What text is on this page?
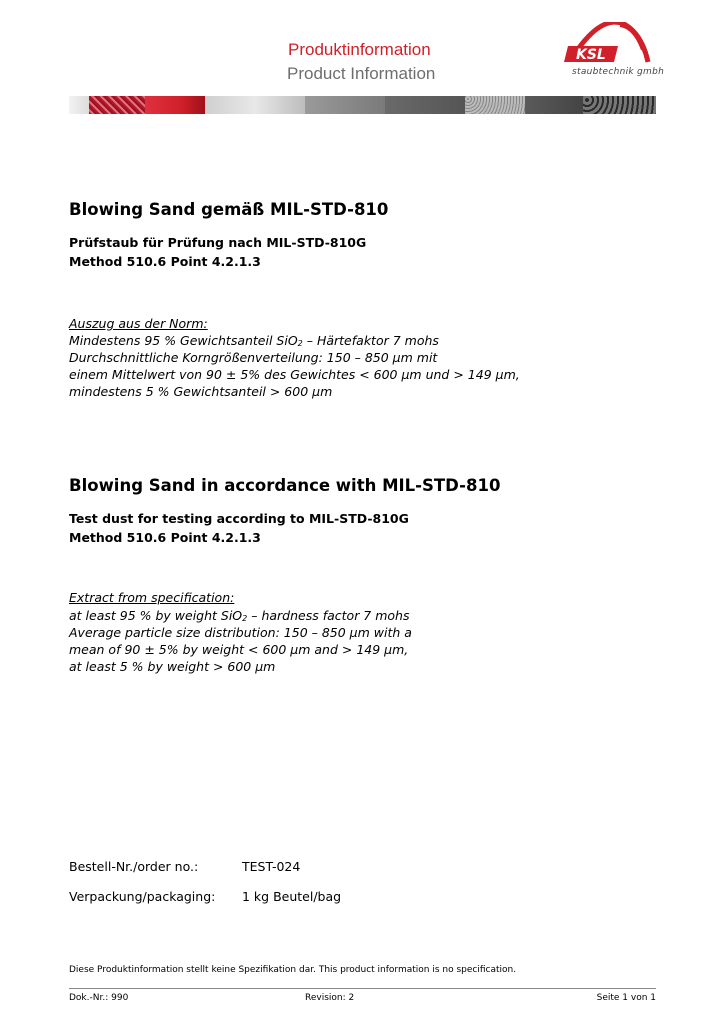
Produktinformation
Product Information
KSL
staubtechnik gmbh
Blowing Sand gemäß MIL-STD-810
Prüfstaub für Prüfung nach MIL-STD-810G
Method 510.6 Point 4.2.1.3
Auszug aus der Norm:
Mindestens 95 % Gewichtsanteil SiO$_2$ – Härtefaktor 7 mohs
Durchschnittliche Korngrößenverteilung: 150 – 850 µm mit
einem Mittelwert von 90 ± 5% des Gewichtes < 600 µm und > 149 µm,
mindestens 5 % Gewichtsanteil > 600 µm
Blowing Sand in accordance with MIL-STD-810
Test dust for testing according to MIL-STD-810G
Method 510.6 Point 4.2.1.3
Extract from specification:
at least 95 % by weight SiO$_2$ – hardness factor 7 mohs
Average particle size distribution: 150 – 850 µm with a
mean of 90 ± 5% by weight < 600 µm and > 149 µm,
at least 5 % by weight > 600 µm
Bestell-Nr./order no.:	TEST-024
Verpackung/packaging: 1 kg Beutel/bag
Diese Produktinformation stellt keine Spezifikation dar. This product information is no specification.
Dok.-Nr.: 990	Revision: 2	Seite 1 von 1
